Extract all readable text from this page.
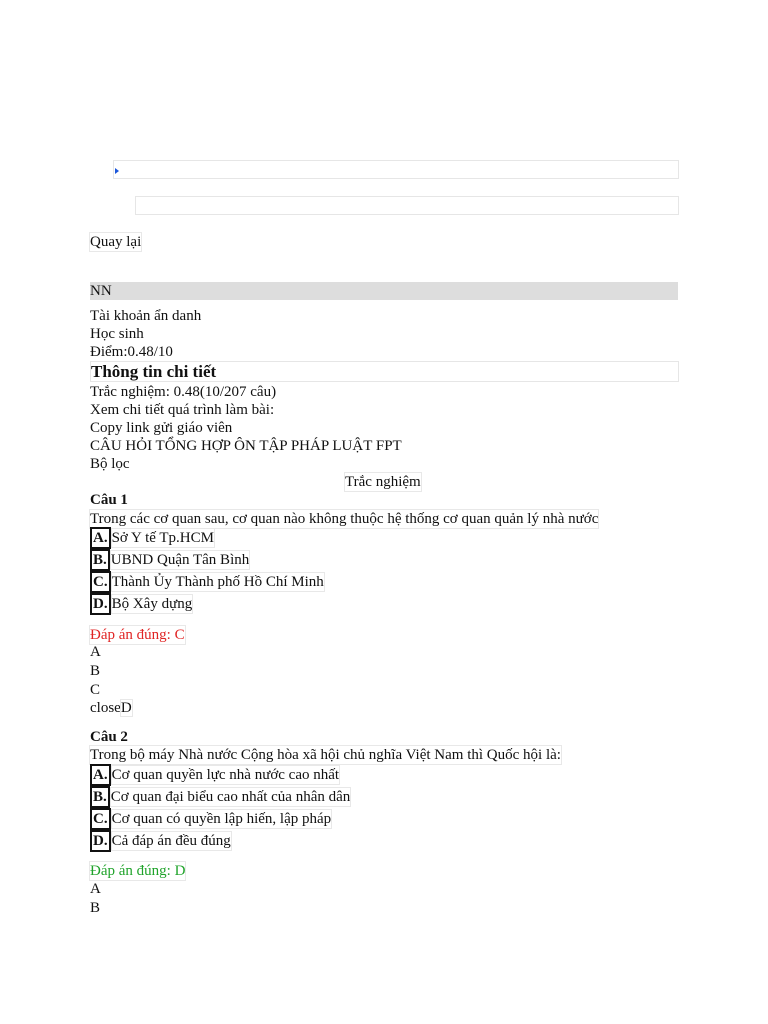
Quay lại
NN
Tài khoản ẩn danh
Học sinh
Điểm:0.48/10
Thông tin chi tiết
Trắc nghiệm: 0.48(10/207 câu)
Xem chi tiết quá trình làm bài:
Copy link gửi giáo viên
CÂU HỎI TỔNG HỢP ÔN TẬP PHÁP LUẬT FPT
Bộ lọc
Trắc nghiệm
Câu 1
Trong các cơ quan sau, cơ quan nào không thuộc hệ thống cơ quan quản lý nhà nước
A. Sở Y tế Tp.HCM
B. UBND Quận Tân Bình
C. Thành Ủy Thành phố Hồ Chí Minh
D. Bộ Xây dựng
Đáp án đúng: C
A
B
C
closeD
Câu 2
Trong bộ máy Nhà nước Cộng hòa xã hội chủ nghĩa Việt Nam thì Quốc hội là:
A. Cơ quan quyền lực nhà nước cao nhất
B. Cơ quan đại biểu cao nhất của nhân dân
C. Cơ quan có quyền lập hiến, lập pháp
D. Cả đáp án đều đúng
Đáp án đúng: D
A
B
